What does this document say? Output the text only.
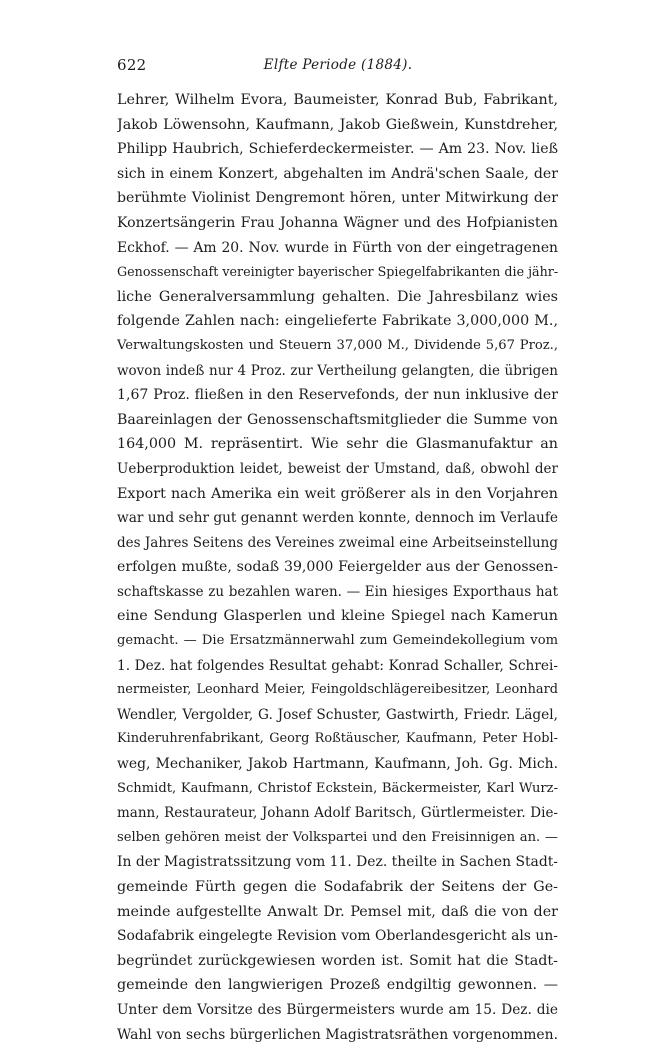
622	Elfte Periode (1884).
Lehrer, Wilhelm Evora, Baumeister, Konrad Bub, Fabrikant,
Jakob Löwensohn, Kaufmann, Jakob Gießwein, Kunstdreher,
Philipp Haubrich, Schieferdeckermeister. — Am 23. Nov. ließ
sich in einem Konzert, abgehalten im Andrä'schen Saale, der
berühmte Violinist Dengremont hören, unter Mitwirkung der
Konzertsängerin Frau Johanna Wägner und des Hofpianisten
Eckhof. — Am 20. Nov. wurde in Fürth von der eingetragenen
Genossenschaft vereinigter bayerischer Spiegelfabrikanten die jähr-
liche Generalversammlung gehalten. Die Jahresbilanz wies
folgende Zahlen nach: eingelieferte Fabrikate 3,000,000 M.,
Verwaltungskosten und Steuern 37,000 M., Dividende 5,67 Proz.,
wovon indeß nur 4 Proz. zur Vertheilung gelangten, die übrigen
1,67 Proz. fließen in den Reservefonds, der nun inklusive der
Baareinlagen der Genossenschaftsmitglieder die Summe von
164,000 M. repräsentirt. Wie sehr die Glasmanufaktur an
Ueberproduktion leidet, beweist der Umstand, daß, obwohl der
Export nach Amerika ein weit größerer als in den Vorjahren
war und sehr gut genannt werden konnte, dennoch im Verlaufe
des Jahres Seitens des Vereines zweimal eine Arbeitseinstellung
erfolgen mußte, sodaß 39,000 Feiergelder aus der Genossen-
schaftskasse zu bezahlen waren. — Ein hiesiges Exporthaus hat
eine Sendung Glasperlen und kleine Spiegel nach Kamerun
gemacht. — Die Ersatzmännerwahl zum Gemeindekollegium vom
1. Dez. hat folgendes Resultat gehabt: Konrad Schaller, Schrei-
nermeister, Leonhard Meier, Feingoldschlägereibesitzer, Leonhard
Wendler, Vergolder, G. Josef Schuster, Gastwirth, Friedr. Lägel,
Kinderuhrenfabrikant, Georg Roßtäuscher, Kaufmann, Peter Hobl-
weg, Mechaniker, Jakob Hartmann, Kaufmann, Joh. Gg. Mich.
Schmidt, Kaufmann, Christof Eckstein, Bäckermeister, Karl Wurz-
mann, Restaurateur, Johann Adolf Baritsch, Gürtlermeister. Die-
selben gehören meist der Volkspartei und den Freisinnigen an. —
In der Magistratssitzung vom 11. Dez. theilte in Sachen Stadt-
gemeinde Fürth gegen die Sodafabrik der Seitens der Ge-
meinde aufgestellte Anwalt Dr. Pemsel mit, daß die von der
Sodafabrik eingelegte Revision vom Oberlandesgericht als un-
begründet zurückgewiesen worden ist. Somit hat die Stadt-
gemeinde den langwierigen Prozeß endgiltig gewonnen. —
Unter dem Vorsitze des Bürgermeisters wurde am 15. Dez. die
Wahl von sechs bürgerlichen Magistratsräthen vorgenommen.
